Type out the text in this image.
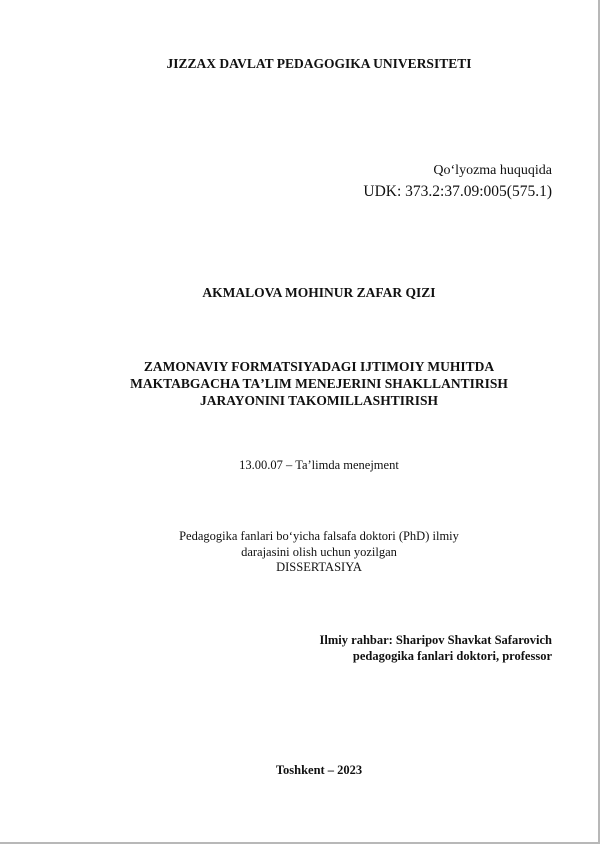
JIZZAX DAVLAT PEDAGOGIKA UNIVERSITETI
Qoʻlyozma huquqida
UDK: 373.2:37.09:005(575.1)
AKMALOVA MOHINUR ZAFAR QIZI
ZAMONAVIY FORMATSIYADAGI IJTIMOIY MUHITDA
MAKTABGACHA TAʼLIM MENEJERINI SHAKLLANTIRISH
JARAYONINI TAKOMILLASHTIRISH
13.00.07 – Taʼlimda menejment
Pedagogika fanlari boʻyicha falsafa doktori (PhD) ilmiy
darajasini olish uchun yozilgan
DISSERTASIYA
Ilmiy rahbar: Sharipov Shavkat Safarovich
pedagogika fanlari doktori, professor
Toshkent – 2023
